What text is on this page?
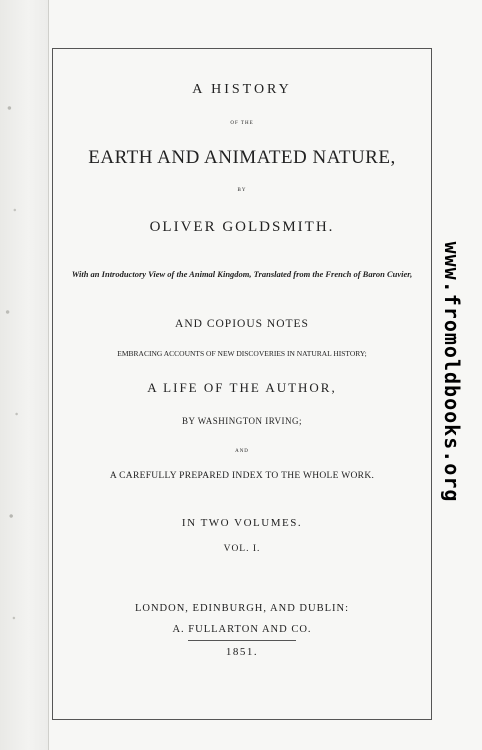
A HISTORY
OF THE
EARTH AND ANIMATED NATURE,
BY
OLIVER GOLDSMITH.
With an Introductory View of the Animal Kingdom, Translated from the French of Baron Cuvier,
AND COPIOUS NOTES
EMBRACING ACCOUNTS OF NEW DISCOVERIES IN NATURAL HISTORY;
A LIFE OF THE AUTHOR,
BY WASHINGTON IRVING;
AND
A CAREFULLY PREPARED INDEX TO THE WHOLE WORK.
IN TWO VOLUMES.
VOL. I.
LONDON, EDINBURGH, AND DUBLIN:
A. FULLARTON AND CO.
1851.
www.fromoldbooks.org
